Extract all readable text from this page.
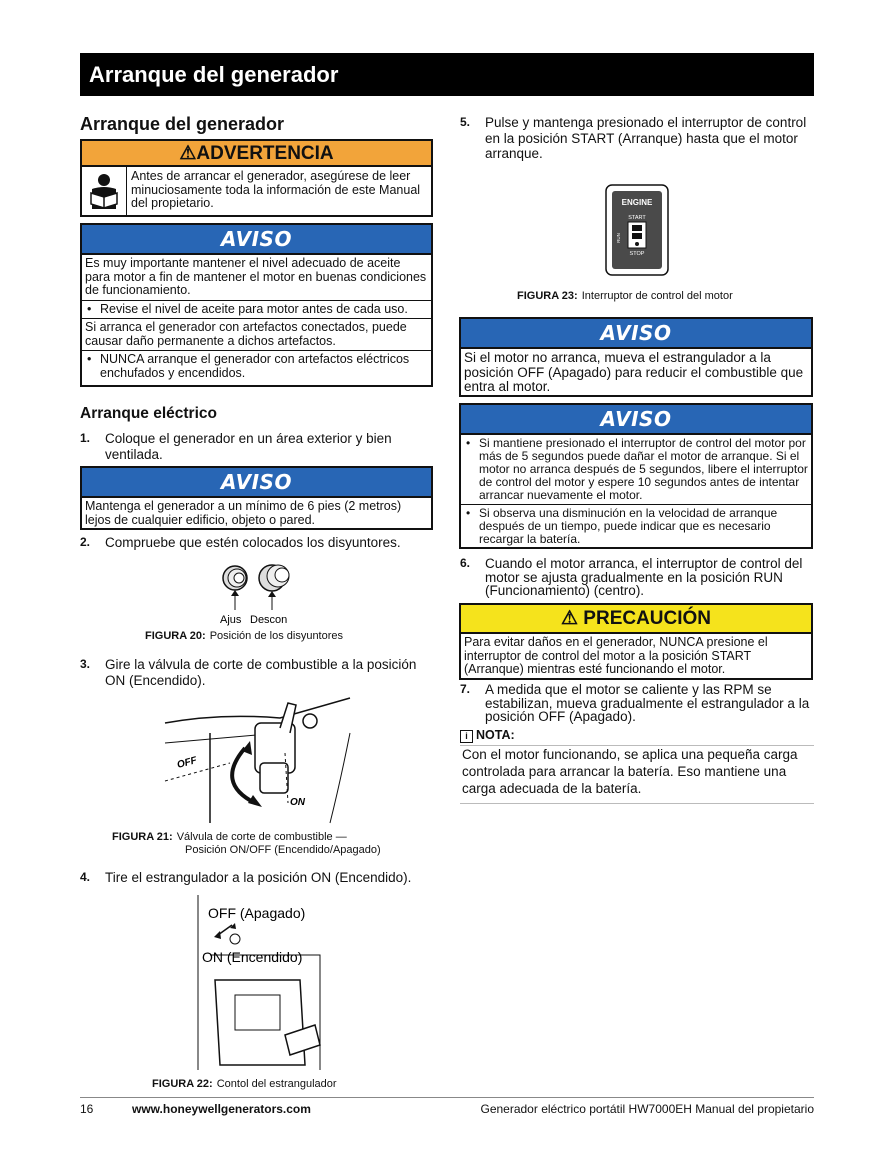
Arranque del generador
Arranque del generador
⚠ADVERTENCIA
Antes de arrancar el generador, asegúrese de leer minuciosamente toda la información de este Manual del propietario.
AVISO
Es muy importante mantener el nivel adecuado de aceite para motor a fin de mantener el motor en buenas condiciones de funcionamiento.
• Revise el nivel de aceite para motor antes de cada uso.
Si arranca el generador con artefactos conectados, puede causar daño permanente a dichos artefactos.
• NUNCA arranque el generador con artefactos eléctricos enchufados y encendidos.
Arranque eléctrico
1. Coloque el generador en un área exterior y bien ventilada.
AVISO
Mantenga el generador a un mínimo de 6 pies (2 metros) lejos de cualquier edificio, objeto o pared.
2. Compruebe que estén colocados los disyuntores.
Ajus Descon
FIGURA 20: Posición de los disyuntores
3. Gire la válvula de corte de combustible a la posición ON (Encendido).
OFF
ON
FIGURA 21: Válvula de corte de combustible —
Posición ON/OFF (Encendido/Apagado)
4. Tire el estrangulador a la posición ON (Encendido).
OFF (Apagado)
ON (Encendido)
FIGURA 22: Contol del estrangulador
5. Pulse y mantenga presionado el interruptor de control en la posición START (Arranque) hasta que el motor arranque.
ENGINE
START
RUN
STOP
FIGURA 23: Interruptor de control del motor
AVISO
Si el motor no arranca, mueva el estrangulador a la posición OFF (Apagado) para reducir el combustible que entra al motor.
AVISO
• Si mantiene presionado el interruptor de control del motor por más de 5 segundos puede dañar el motor de arranque. Si el motor no arranca después de 5 segundos, libere el interruptor de control del motor y espere 10 segundos antes de intentar arrancar nuevamente el motor.
• Si observa una disminución en la velocidad de arranque después de un tiempo, puede indicar que es necesario recargar la batería.
6. Cuando el motor arranca, el interruptor de control del motor se ajusta gradualmente en la posición RUN (Funcionamiento) (centro).
⚠ PRECAUCIÓN
Para evitar daños en el generador, NUNCA presione el interruptor de control del motor a la posición START (Arranque) mientras esté funcionando el motor.
7. A medida que el motor se caliente y las RPM se estabilizan, mueva gradualmente el estrangulador a la posición OFF (Apagado).
i NOTA:
Con el motor funcionando, se aplica una pequeña carga controlada para arrancar la batería. Eso mantiene una carga adecuada de la batería.
16	www.honeywellgenerators.com	Generador eléctrico portátil HW7000EH Manual del propietario
